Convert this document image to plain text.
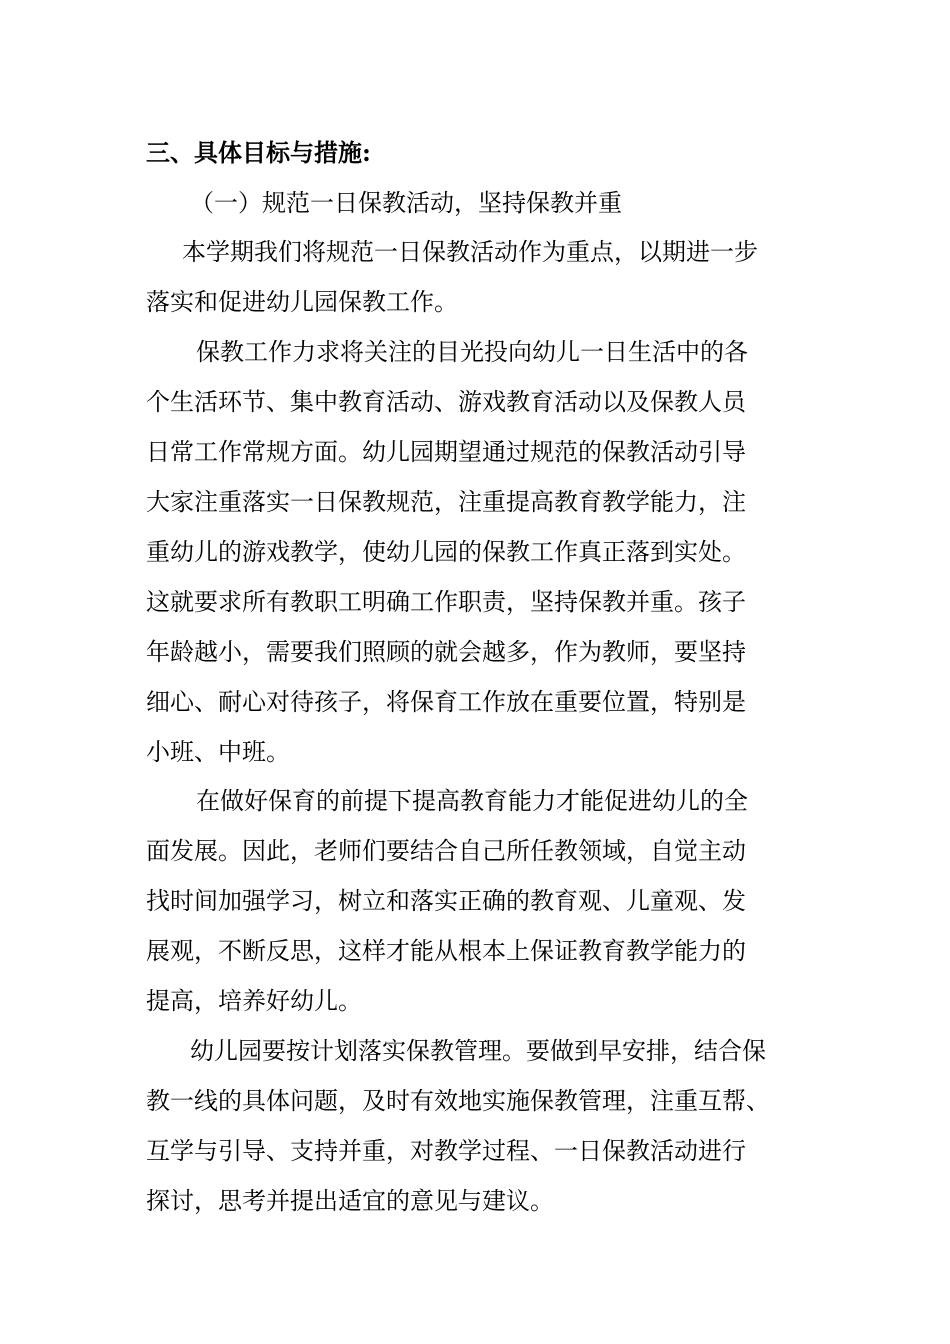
三、具体目标与措施:
（一）规范一日保教活动，坚持保教并重
本学期我们将规范一日保教活动作为重点，以期进一步
落实和促进幼儿园保教工作。
保教工作力求将关注的目光投向幼儿一日生活中的各
个生活环节、集中教育活动、游戏教育活动以及保教人员
日常工作常规方面。幼儿园期望通过规范的保教活动引导
大家注重落实一日保教规范，注重提高教育教学能力，注
重幼儿的游戏教学，使幼儿园的保教工作真正落到实处。
这就要求所有教职工明确工作职责，坚持保教并重。孩子
年龄越小，需要我们照顾的就会越多，作为教师，要坚持
细心、耐心对待孩子，将保育工作放在重要位置，特别是
小班、中班。
在做好保育的前提下提高教育能力才能促进幼儿的全
面发展。因此，老师们要结合自己所任教领域，自觉主动
找时间加强学习，树立和落实正确的教育观、儿童观、发
展观，不断反思，这样才能从根本上保证教育教学能力的
提高，培养好幼儿。
幼儿园要按计划落实保教管理。要做到早安排，结合保
教一线的具体问题，及时有效地实施保教管理，注重互帮、
互学与引导、支持并重，对教学过程、一日保教活动进行
探讨，思考并提出适宜的意见与建议。
